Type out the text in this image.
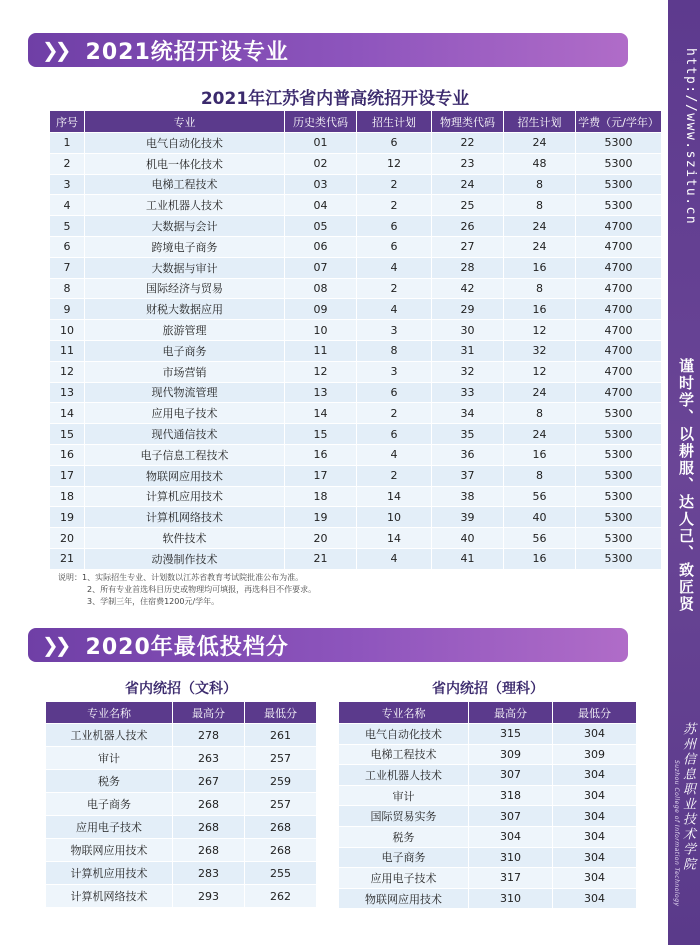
http://www.szitu.cn
谨时学、以耕服、达人己、致匠贤
苏州信息职业技术学院
Suzhou College of Information Technology
❯❯ 2021统招开设专业
2021年江苏省内普高统招开设专业
序号	专业	历史类代码	招生计划	物理类代码	招生计划	学费（元/学年）
1	电气自动化技术	01	6	22	24	5300
2	机电一体化技术	02	12	23	48	5300
3	电梯工程技术	03	2	24	8	5300
4	工业机器人技术	04	2	25	8	5300
5	大数据与会计	05	6	26	24	4700
6	跨境电子商务	06	6	27	24	4700
7	大数据与审计	07	4	28	16	4700
8	国际经济与贸易	08	2	42	8	4700
9	财税大数据应用	09	4	29	16	4700
10	旅游管理	10	3	30	12	4700
11	电子商务	11	8	31	32	4700
12	市场营销	12	3	32	12	4700
13	现代物流管理	13	6	33	24	4700
14	应用电子技术	14	2	34	8	5300
15	现代通信技术	15	6	35	24	5300
16	电子信息工程技术	16	4	36	16	5300
17	物联网应用技术	17	2	37	8	5300
18	计算机应用技术	18	14	38	56	5300
19	计算机网络技术	19	10	39	40	5300
20	软件技术	20	14	40	56	5300
21	动漫制作技术	21	4	41	16	5300
说明：1、实际招生专业、计划数以江苏省教育考试院批准公布为准。
2、所有专业首选科目历史或物理均可填报，再选科目不作要求。
3、学制三年，住宿费1200元/学年。
❯❯ 2020年最低投档分
省内统招（文科）	省内统招（理科）
专业名称	最高分	最低分
工业机器人技术	278	261
审计	263	257
税务	267	259
电子商务	268	257
应用电子技术	268	268
物联网应用技术	268	268
计算机应用技术	283	255
计算机网络技术	293	262
专业名称	最高分	最低分
电气自动化技术	315	304
电梯工程技术	309	309
工业机器人技术	307	304
审计	318	304
国际贸易实务	307	304
税务	304	304
电子商务	310	304
应用电子技术	317	304
物联网应用技术	310	304
